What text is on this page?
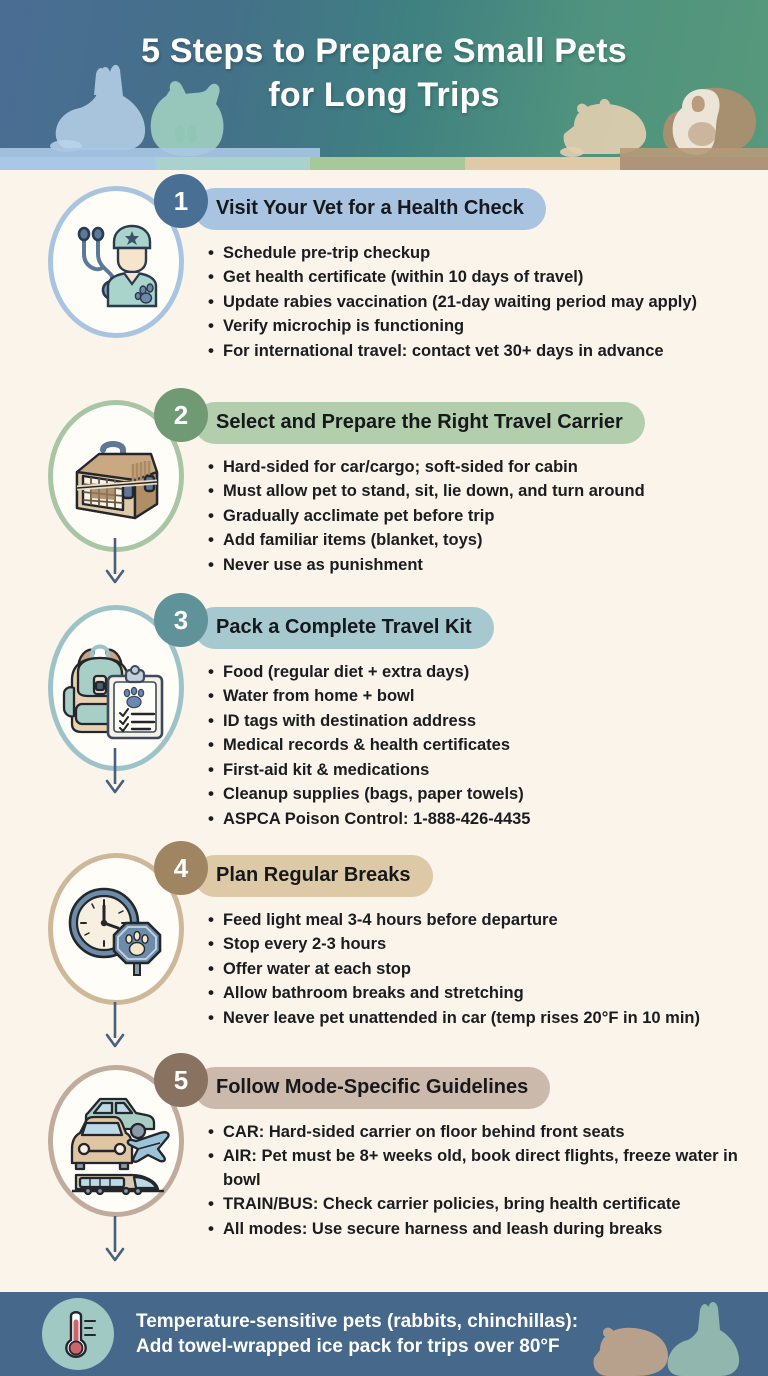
5 Steps to Prepare Small Pets
for Long Trips
1	Visit Your Vet for a Health Check
• Schedule pre-trip checkup
• Get health certificate (within 10 days of travel)
• Update rabies vaccination (21-day waiting period may apply)
• Verify microchip is functioning
• For international travel: contact vet 30+ days in advance
2	Select and Prepare the Right Travel Carrier
• Hard-sided for car/cargo; soft-sided for cabin
• Must allow pet to stand, sit, lie down, and turn around
• Gradually acclimate pet before trip
• Add familiar items (blanket, toys)
• Never use as punishment
3	Pack a Complete Travel Kit
• Food (regular diet + extra days)
• Water from home + bowl
• ID tags with destination address
• Medical records & health certificates
• First-aid kit & medications
• Cleanup supplies (bags, paper towels)
• ASPCA Poison Control: 1-888-426-4435
4	Plan Regular Breaks
• Feed light meal 3-4 hours before departure
• Stop every 2-3 hours
• Offer water at each stop
• Allow bathroom breaks and stretching
• Never leave pet unattended in car (temp rises 20°F in 10 min)
5	Follow Mode-Specific Guidelines
• CAR: Hard-sided carrier on floor behind front seats
• AIR: Pet must be 8+ weeks old, book direct flights, freeze water in bowl
• TRAIN/BUS: Check carrier policies, bring health certificate
• All modes: Use secure harness and leash during breaks
Temperature-sensitive pets (rabbits, chinchillas):
Add towel-wrapped ice pack for trips over 80°F
